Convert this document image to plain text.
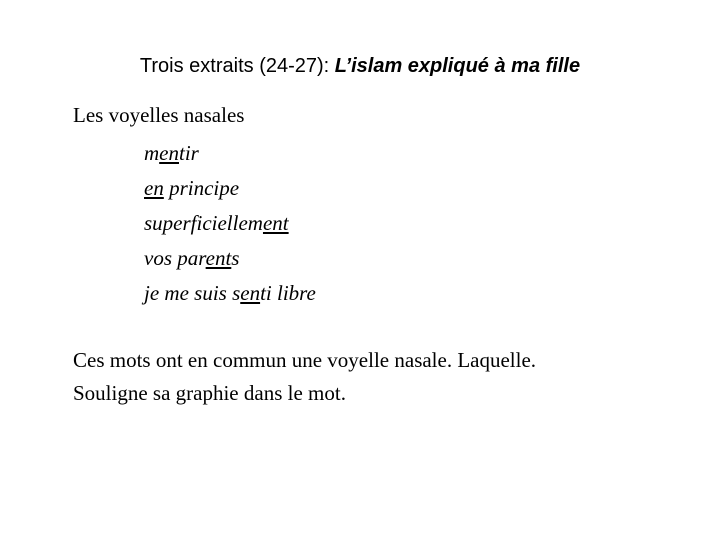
Trois extraits (24-27): L’islam expliqué à ma fille
Les voyelles nasales
mentir
en principe
superficiellement
vos parents
je me suis senti libre

Ces mots ont en commun une voyelle nasale. Laquelle.

Souligne sa graphie dans le mot.
